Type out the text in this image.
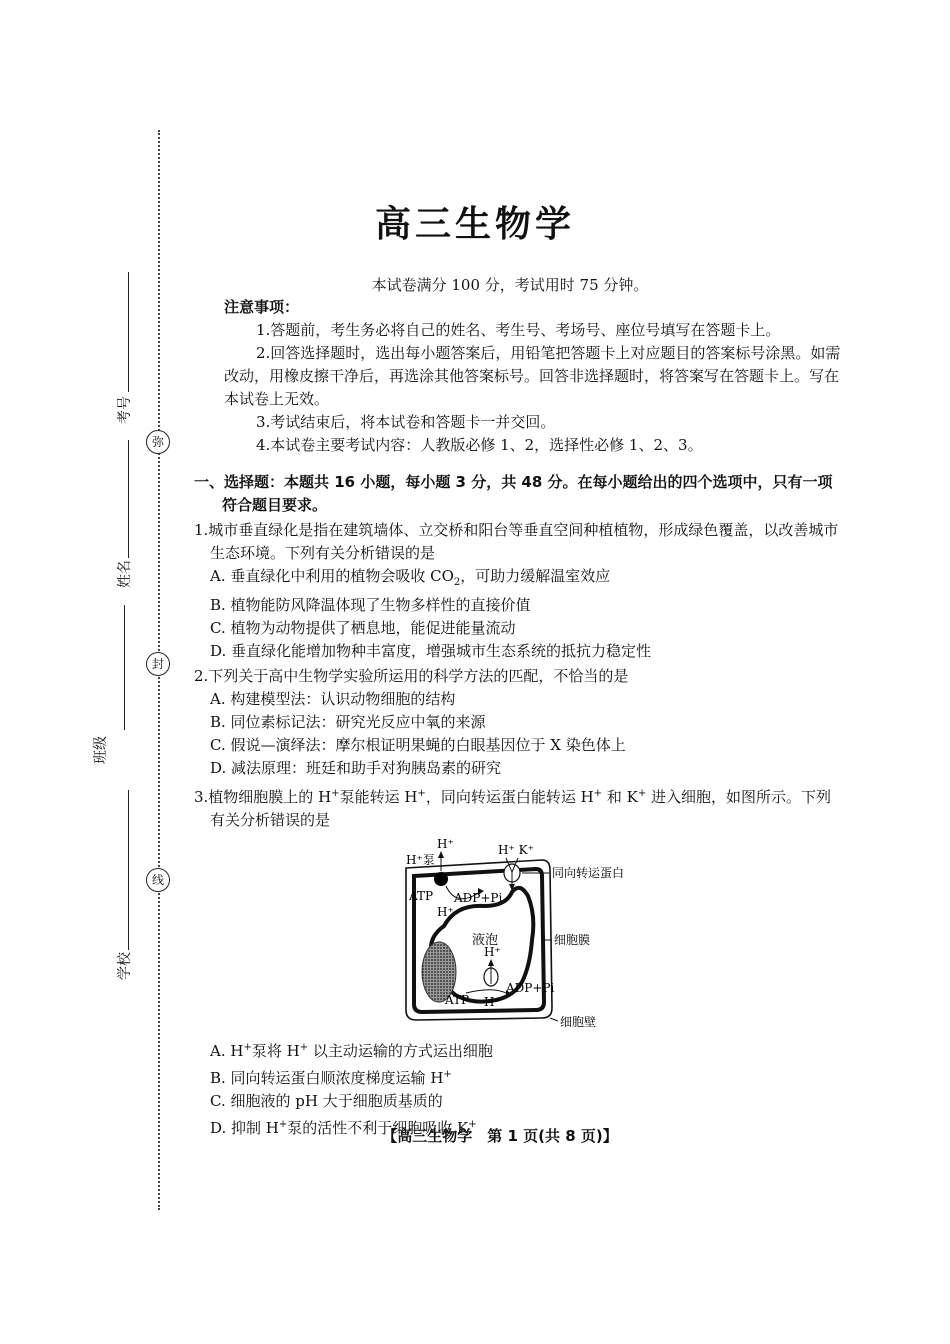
弥
封
线
考号
姓名
班级
学校
高三生物学
本试卷满分 100 分，考试用时 75 分钟。
注意事项：
1.答题前，考生务必将自己的姓名、考生号、考场号、座位号填写在答题卡上。
2.回答选择题时，选出每小题答案后，用铅笔把答题卡上对应题目的答案标号涂黑。如需改动，用橡皮擦干净后，再选涂其他答案标号。回答非选择题时，将答案写在答题卡上。写在本试卷上无效。
3.考试结束后，将本试卷和答题卡一并交回。
4.本试卷主要考试内容：人教版必修 1、2，选择性必修 1、2、3。
一、选择题：本题共 16 小题，每小题 3 分，共 48 分。在每小题给出的四个选项中，只有一项符合题目要求。
1.城市垂直绿化是指在建筑墙体、立交桥和阳台等垂直空间种植植物，形成绿色覆盖，以改善城市生态环境。下列有关分析错误的是
A. 垂直绿化中利用的植物会吸收 $CO_2$，可助力缓解温室效应
B. 植物能防风降温体现了生物多样性的直接价值
C. 植物为动物提供了栖息地，能促进能量流动
D. 垂直绿化能增加物种丰富度，增强城市生态系统的抵抗力稳定性
2.下列关于高中生物学实验所运用的科学方法的匹配，不恰当的是
A. 构建模型法：认识动物细胞的结构
B. 同位素标记法：研究光反应中氧的来源
C. 假说—演绎法：摩尔根证明果蝇的白眼基因位于 X 染色体上
D. 减法原理：班廷和助手对狗胰岛素的研究
3.植物细胞膜上的 H+泵能转运 H+，同向转运蛋白能转运 H+ 和 K+ 进入细胞，如图所示。下列有关分析错误的是
H⁺泵
H⁺	H⁺ K⁺
ATP ADP+Pi
H⁺
液泡
H⁺
ADP+Pi
ATP H⁺
同向转运蛋白
细胞膜
细胞壁
A. H+泵将 H+ 以主动运输的方式运出细胞
B. 同向转运蛋白顺浓度梯度运输 H+
C. 细胞液的 pH 大于细胞质基质的
D. 抑制 H+泵的活性不利于细胞吸收 K+
【高三生物学　第 1 页(共 8 页)】
